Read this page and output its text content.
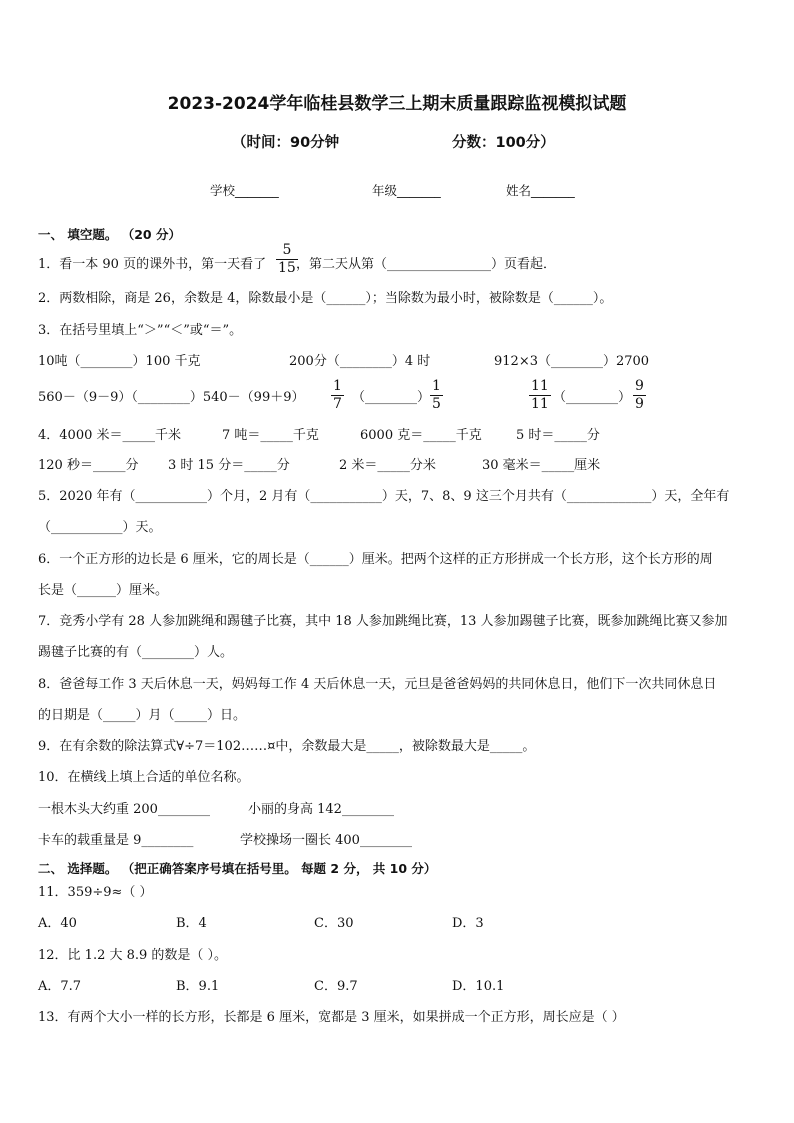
2023-2024学年临桂县数学三上期末质量跟踪监视模拟试题
（时间：90分钟	分数：100分）
学校_______	年级_______	姓名_______
一、 填空题。 （20 分）
1．看一本 90 页的课外书，第一天看了
5
15 ，第二天从第（________________）页看起．
2．两数相除，商是 26，余数是 4，除数最小是（______）；当除数为最小时，被除数是（______）。
3．在括号里填上“＞”“＜”或“＝”。
10吨（________）100 千克	200分（________）4 时	912×3（________）2700
560－（9－9）（________）540－（99＋9）
1
7 （________）
1
5
11
11 （________）
9
9
4．4000 米＝_____千米	7 吨＝_____千克	6000 克＝_____千克	5 时＝_____分
120 秒＝_____分 3 时 15 分＝_____分	2 米＝_____分米	30 毫米＝_____厘米
5．2020 年有（___________）个月，2 月有（___________）天，7、8、9 这三个月共有（_____________）天，全年有
（___________）天。
6．一个正方形的边长是 6 厘米，它的周长是（______）厘米。把两个这样的正方形拼成一个长方形，这个长方形的周
长是（______）厘米。
7．竞秀小学有 28 人参加跳绳和踢毽子比赛，其中 18 人参加跳绳比赛，13 人参加踢毽子比赛，既参加跳绳比赛又参加
踢毽子比赛的有（________）人。
8．爸爸每工作 3 天后休息一天，妈妈每工作 4 天后休息一天，元旦是爸爸妈妈的共同休息日，他们下一次共同休息日
的日期是（_____）月（_____）日。
9．在有余数的除法算式∀÷7＝102……¤中，余数最大是_____，被除数最大是_____。
10．在横线上填上合适的单位名称。
一根木头大约重 200________	小丽的身高 142________
卡车的载重量是 9________	学校操场一圈长 400________
二、 选择题。 （把正确答案序号填在括号里。 每题 2 分， 共 10 分）
11．359÷9≈（ ）
A．40	B．4	C．30	D．3
12．比 1.2 大 8.9 的数是（ ）。
A．7.7	B．9.1	C．9.7	D．10.1
13．有两个大小一样的长方形，长都是 6 厘米，宽都是 3 厘米，如果拼成一个正方形，周长应是（ ）
